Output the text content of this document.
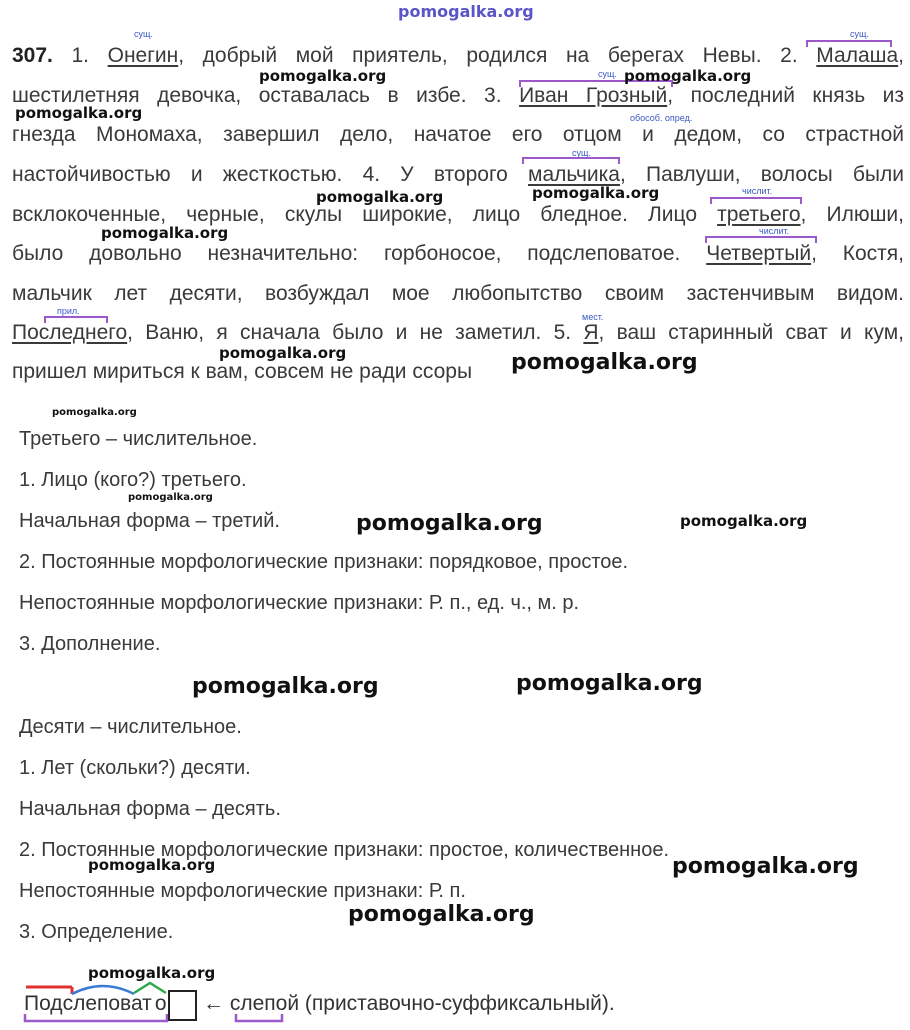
pomogalka.org
307. 1. Онегин, добрый мой приятель, родился на берегах Невы. 2. Малаша,
шестилетняя девочка, оставалась в избе. 3. Иван Грозный, последний князь из
гнезда Мономаха, завершил дело, начатое его отцом и дедом, со страстной
настойчивостью и жесткостью. 4. У второго мальчика, Павлуши, волосы были
всклокоченные, черные, скулы широкие, лицо бледное. Лицо третьего, Илюши,
было довольно незначительно: горбоносое, подслеповатое. Четвертый, Костя,
мальчик лет десяти, возбуждал мое любопытство своим застенчивым видом.
Последнего, Ваню, я сначала было и не заметил. 5. Я, ваш старинный сват и кум,
пришел мириться к вам, совсем не ради ссоры
сущ.	сущ.
сущ.
обособ. опред.
сущ.
числит.
числит.
прил.
мест.
Третьего – числительное.
1. Лицо (кого?) третьего.
Начальная форма – третий.
2. Постоянные морфологические признаки: порядковое, простое.
Непостоянные морфологические признаки: Р. п., ед. ч., м. р.
3. Дополнение.
Десяти – числительное.
1. Лет (скольки?) десяти.
Начальная форма – десять.
2. Постоянные морфологические признаки: простое, количественное.
Непостоянные морфологические признаки: Р. п.
3. Определение.
Подслеповат о ← слепой (приставочно-суффиксальный).
pomogalka.org	pomogalka.org
pomogalka.org
pomogalka.org	pomogalka.org
pomogalka.org
pomogalka.org	pomogalka.org
pomogalka.org
pomogalka.org
pomogalka.org	pomogalka.org
pomogalka.org	pomogalka.org
pomogalka.org	pomogalka.org
pomogalka.org
pomogalka.org
